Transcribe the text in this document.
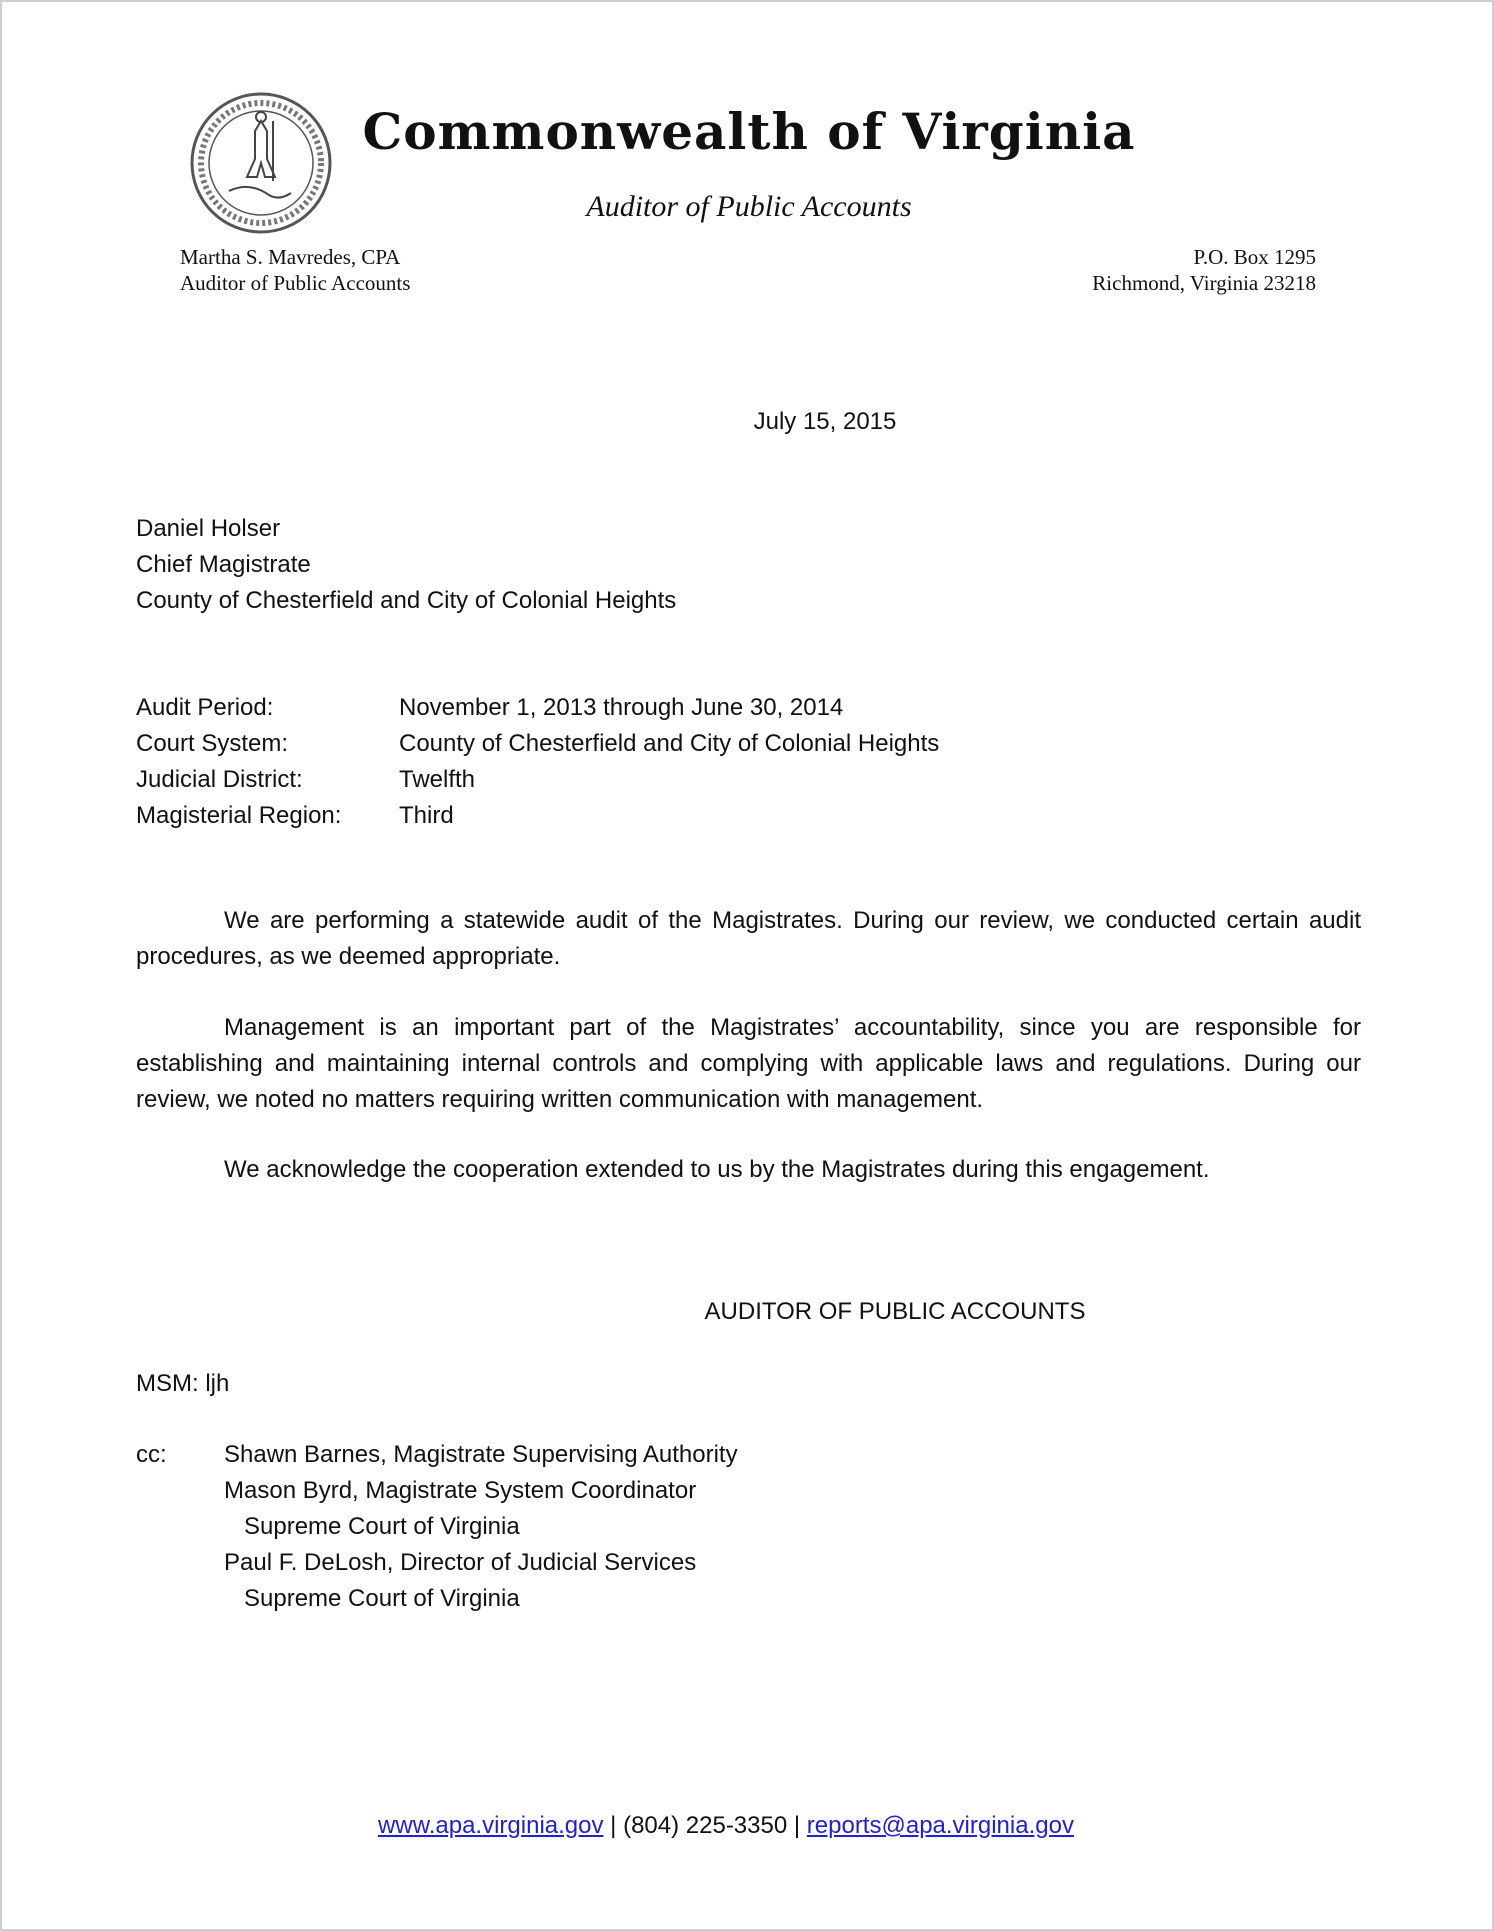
Commonwealth of Virginia
Auditor of Public Accounts
Martha S. Mavredes, CPA
Auditor of Public Accounts
P.O. Box 1295
Richmond, Virginia 23218
July 15, 2015
Daniel Holser
Chief Magistrate
County of Chesterfield and City of Colonial Heights
Audit Period:	November 1, 2013 through June 30, 2014
Court System:	County of Chesterfield and City of Colonial Heights
Judicial District:	Twelfth
Magisterial Region:	Third
We are performing a statewide audit of the Magistrates. During our review, we conducted certain audit procedures, as we deemed appropriate.
Management is an important part of the Magistrates’ accountability, since you are responsible for establishing and maintaining internal controls and complying with applicable laws and regulations. During our review, we noted no matters requiring written communication with management.
We acknowledge the cooperation extended to us by the Magistrates during this engagement.
AUDITOR OF PUBLIC ACCOUNTS
MSM: ljh
cc: Shawn Barnes, Magistrate Supervising Authority
Mason Byrd, Magistrate System Coordinator
Supreme Court of Virginia
Paul F. DeLosh, Director of Judicial Services
Supreme Court of Virginia
www.apa.virginia.gov | (804) 225-3350 | reports@apa.virginia.gov
